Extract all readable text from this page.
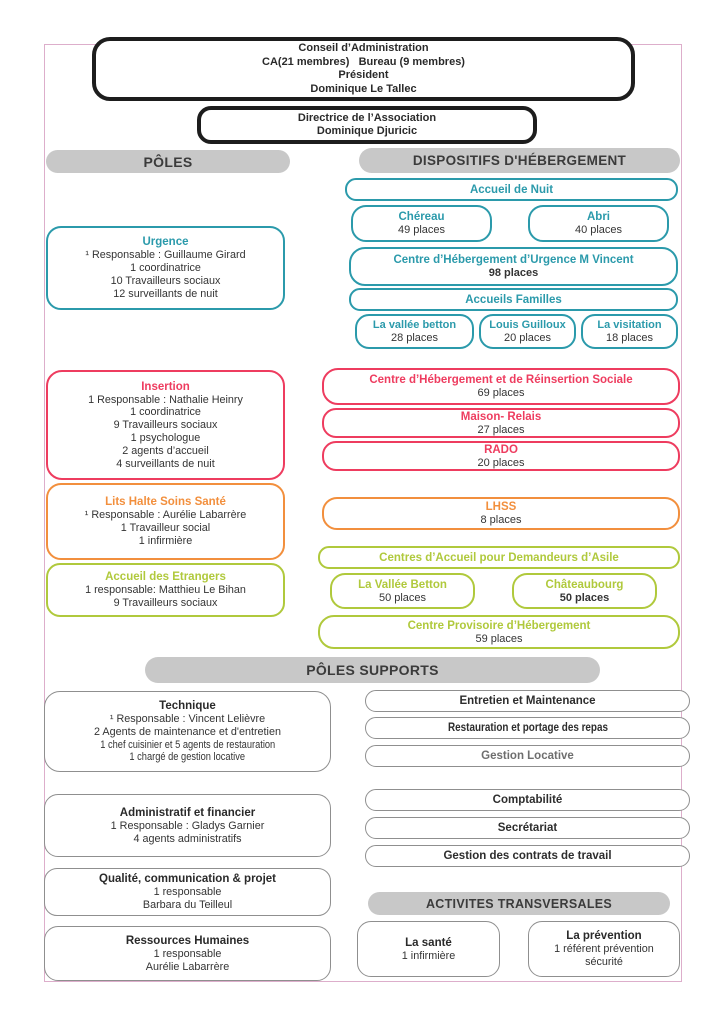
Conseil d’Administration
CA(21 membres)   Bureau (9 membres)
Président
Dominique Le Tallec
Directrice de l’Association
Dominique Djuricic
PÔLES	DISPOSITIFS D'HÉBERGEMENT
Urgence
¹ Responsable : Guillaume Girard
1 coordinatrice
10 Travailleurs sociaux
12 surveillants de nuit
Insertion
1 Responsable : Nathalie Heinry
1 coordinatrice
9 Travailleurs sociaux
1 psychologue
2 agents d’accueil
4 surveillants de nuit
Lits Halte Soins Santé
¹ Responsable : Aurélie Labarrère
1 Travailleur social
1 infirmière
Accueil des Etrangers
1 responsable: Matthieu Le Bihan
9 Travailleurs sociaux
Accueil de Nuit
Chéreau
49 places
Abri
40 places
Centre d’Hébergement d’Urgence M Vincent
98 places
Accueils Familles
La vallée betton
28 places
Louis Guilloux
20 places
La visitation
18 places
Centre d’Hébergement et de Réinsertion Sociale
69 places
Maison- Relais
27 places
RADO
20 places
LHSS
8 places
Centres d’Accueil pour Demandeurs d’Asile
La Vallée Betton
50 places
Châteaubourg
50 places
Centre Provisoire d’Hébergement
59 places
PÔLES SUPPORTS
Technique
¹ Responsable : Vincent Lelièvre
2 Agents de maintenance et d'entretien
1 chef cuisinier et 5 agents de restauration
1 chargé de gestion locative
Administratif et financier
1 Responsable : Gladys Garnier
4 agents administratifs
Qualité, communication & projet
1 responsable
Barbara du Teilleul
Ressources Humaines
1 responsable
Aurélie Labarrère
Entretien et Maintenance
Restauration et portage des repas
Gestion Locative
Comptabilité
Secrétariat
Gestion des contrats de travail
ACTIVITES TRANSVERSALES
La santé
1 infirmière
La prévention
1 référent prévention
sécurité
